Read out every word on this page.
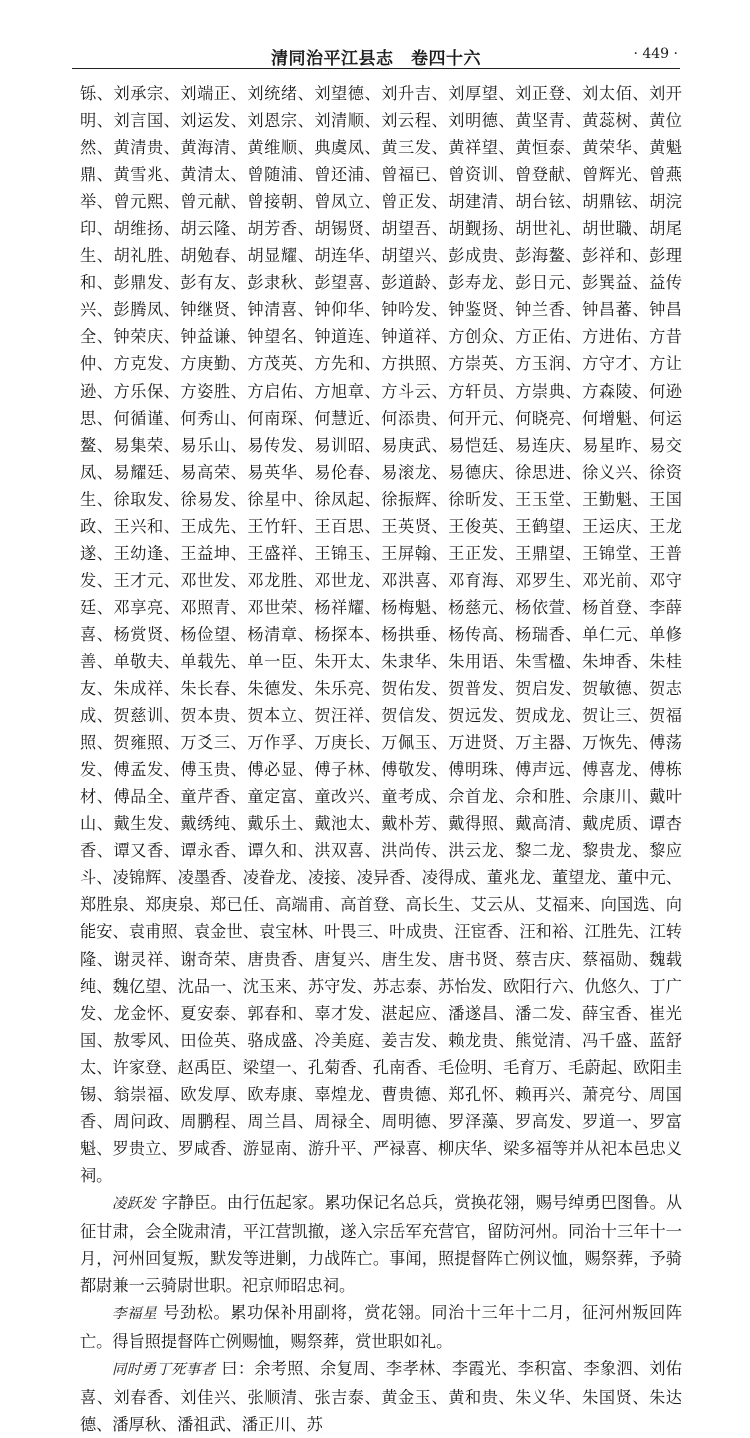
清同治平江县志　卷四十六	· 449 ·

铄、刘承宗、刘端正、刘统绪、刘望德、刘升吉、刘厚望、刘正登、刘太佰、刘开明、刘言国、刘运发、刘恩宗、刘清顺、刘云程、刘明德、黄坚青、黄蕊树、黄位然、黄清贵、黄海清、黄维顺、典虞凤、黄三发、黄祥望、黄恒泰、黄荣华、黄魁鼎、黄雪兆、黄清太、曾随浦、曾还浦、曾福已、曾资训、曾登献、曾辉光、曾燕举、曾元熙、曾元献、曾接朝、曾凤立、曾正发、胡建清、胡台铉、胡鼎铉、胡浣印、胡维扬、胡云隆、胡芳香、胡锡贤、胡望吾、胡觐扬、胡世礼、胡世職、胡尾生、胡礼胜、胡勉春、胡显耀、胡连华、胡望兴、彭成贵、彭海鳌、彭祥和、彭理和、彭鼎发、彭有友、彭隶秋、彭望喜、彭道龄、彭寿龙、彭日元、彭巽益、益传兴、彭腾凤、钟继贤、钟清喜、钟仰华、钟吟发、钟鉴贤、钟兰香、钟昌蕃、钟昌全、钟荣庆、钟益谦、钟望名、钟道连、钟道祥、方创众、方正佑、方进佑、方昔仲、方克发、方庚勤、方茂英、方先和、方拱照、方崇英、方玉润、方守才、方让逊、方乐保、方姿胜、方启佑、方旭章、方斗云、方轩员、方崇典、方森陵、何逊思、何循谨、何秀山、何南琛、何慧近、何添贵、何开元、何晓亮、何增魁、何运鳌、易集荣、易乐山、易传发、易训昭、易庚武、易恺廷、易连庆、易星昨、易交凤、易耀廷、易高荣、易英华、易伦春、易滚龙、易德庆、徐思进、徐义兴、徐资生、徐取发、徐易发、徐星中、徐凤起、徐振辉、徐昕发、王玉堂、王勤魁、王国政、王兴和、王成先、王竹轩、王百思、王英贤、王俊英、王鹤望、王运庆、王龙遂、王幼逢、王益坤、王盛祥、王锦玉、王屏翰、王正发、王鼎望、王锦堂、王普发、王才元、邓世发、邓龙胜、邓世龙、邓洪喜、邓育海、邓罗生、邓光前、邓守廷、邓享亮、邓照青、邓世荣、杨祥耀、杨梅魁、杨慈元、杨依萱、杨首登、李薛喜、杨赏贤、杨俭望、杨清章、杨探本、杨拱垂、杨传高、杨瑞香、单仁元、单修善、单敬夫、单载先、单一臣、朱开太、朱隶华、朱用语、朱雪楹、朱坤香、朱桂友、朱成祥、朱长春、朱德发、朱乐亮、贺佑发、贺普发、贺启发、贺敏德、贺志成、贺慈训、贺本贵、贺本立、贺汪祥、贺信发、贺远发、贺成龙、贺让三、贺福照、贺雍照、万爻三、万作孚、万庚长、万佩玉、万进贤、万主器、万恢先、傅荡发、傅孟发、傅玉贵、傅必显、傅子林、傅敬发、傅明珠、傅声远、傅喜龙、傅栋材、傅品全、童芹香、童定富、童改兴、童考成、佘首龙、佘和胜、佘康川、戴叶山、戴生发、戴绣纯、戴乐土、戴池太、戴朴芳、戴得照、戴高清、戴虎质、谭杏香、谭又香、谭永香、谭久和、洪双喜、洪尚传、洪云龙、黎二龙、黎贵龙、黎应斗、凌锦辉、凌墨香、凌眷龙、凌接、凌异香、凌得成、董兆龙、董望龙、董中元、郑胜泉、郑庚泉、郑已任、高端甫、高首登、高长生、艾云从、艾福来、向国选、向能安、袁甫照、袁金世、袁宝林、叶畏三、叶成贵、汪宦香、汪和裕、江胜先、江转隆、谢灵祥、谢奇荣、唐贵香、唐复兴、唐生发、唐书贤、蔡吉庆、蔡福勋、魏载纯、魏亿望、沈品一、沈玉来、苏守发、苏志泰、苏怡发、欧阳行六、仇悠久、丁广发、龙金怀、夏安泰、郭春和、辜才发、湛起应、潘遂昌、潘二发、薛宝香、崔光国、敖零风、田俭英、骆成盛、冷美庭、姜吉发、赖龙贵、熊觉清、冯千盛、蓝舒太、许家登、赵禹臣、梁望一、孔菊香、孔南香、毛俭明、毛育万、毛蔚起、欧阳圭锡、翁崇福、欧发厚、欧寿康、辜煌龙、曹贵德、郑孔怀、赖再兴、萧亮兮、周国香、周问政、周鹏程、周兰昌、周禄全、周明德、罗泽藻、罗高发、罗道一、罗富魁、罗贵立、罗咸香、游显南、游升平、严禄喜、柳庆华、梁多福等并从祀本邑忠义祠。

凌跃发 字静臣。由行伍起家。累功保记名总兵，赏换花翎，赐号绰勇巴图鲁。从征甘肃，会全陇肃清，平江营凯撤，遂入宗岳军充营官，留防河州。同治十三年十一月，河州回复叛，默发等进剿，力战阵亡。事闻，照提督阵亡例议恤，赐祭葬，予骑都尉兼一云骑尉世职。祀京师昭忠祠。

李福星 号劲松。累功保补用副将，赏花翎。同治十三年十二月，征河州叛回阵亡。得旨照提督阵亡例赐恤，赐祭葬，赏世职如礼。

同时勇丁死事者 曰：余考照、余复周、李孝林、李霞光、李积富、李象泗、刘佑喜、刘春香、刘佳兴、张顺清、张吉泰、黄金玉、黄和贵、朱义华、朱国贤、朱达德、潘厚秋、潘祖武、潘正川、苏
